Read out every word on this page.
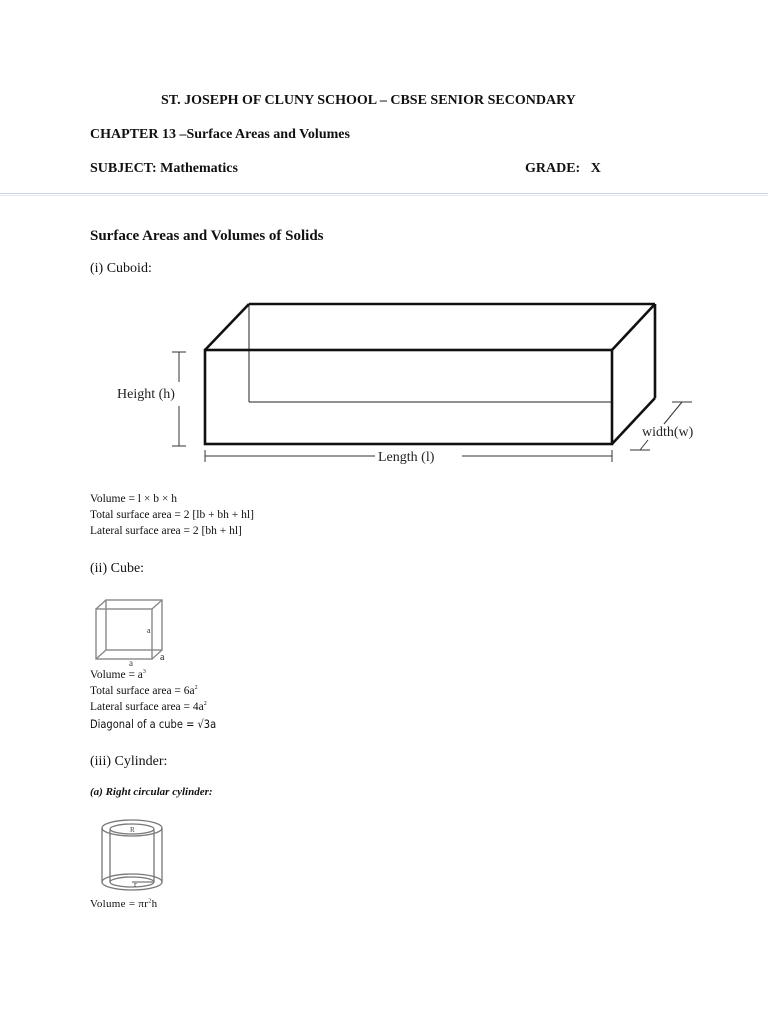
ST. JOSEPH OF CLUNY SCHOOL – CBSE SENIOR SECONDARY
CHAPTER 13 –Surface Areas and Volumes
SUBJECT: Mathematics	GRADE:   X
Surface Areas and Volumes of Solids
(i) Cuboid:
Height (h)
Length (l)
width(w)
Volume = l × b × h
Total surface area = 2 [lb + bh + hl]
Lateral surface area = 2 [bh + hl]
(ii) Cube:
a
a	a
Volume = $a^3$
Total surface area = $6a^2$
Lateral surface area = $4a^2$
Diagonal of a cube = √3a
(iii) Cylinder:
(a) Right circular cylinder:
R
r
Volume = $\pi r^2h$
